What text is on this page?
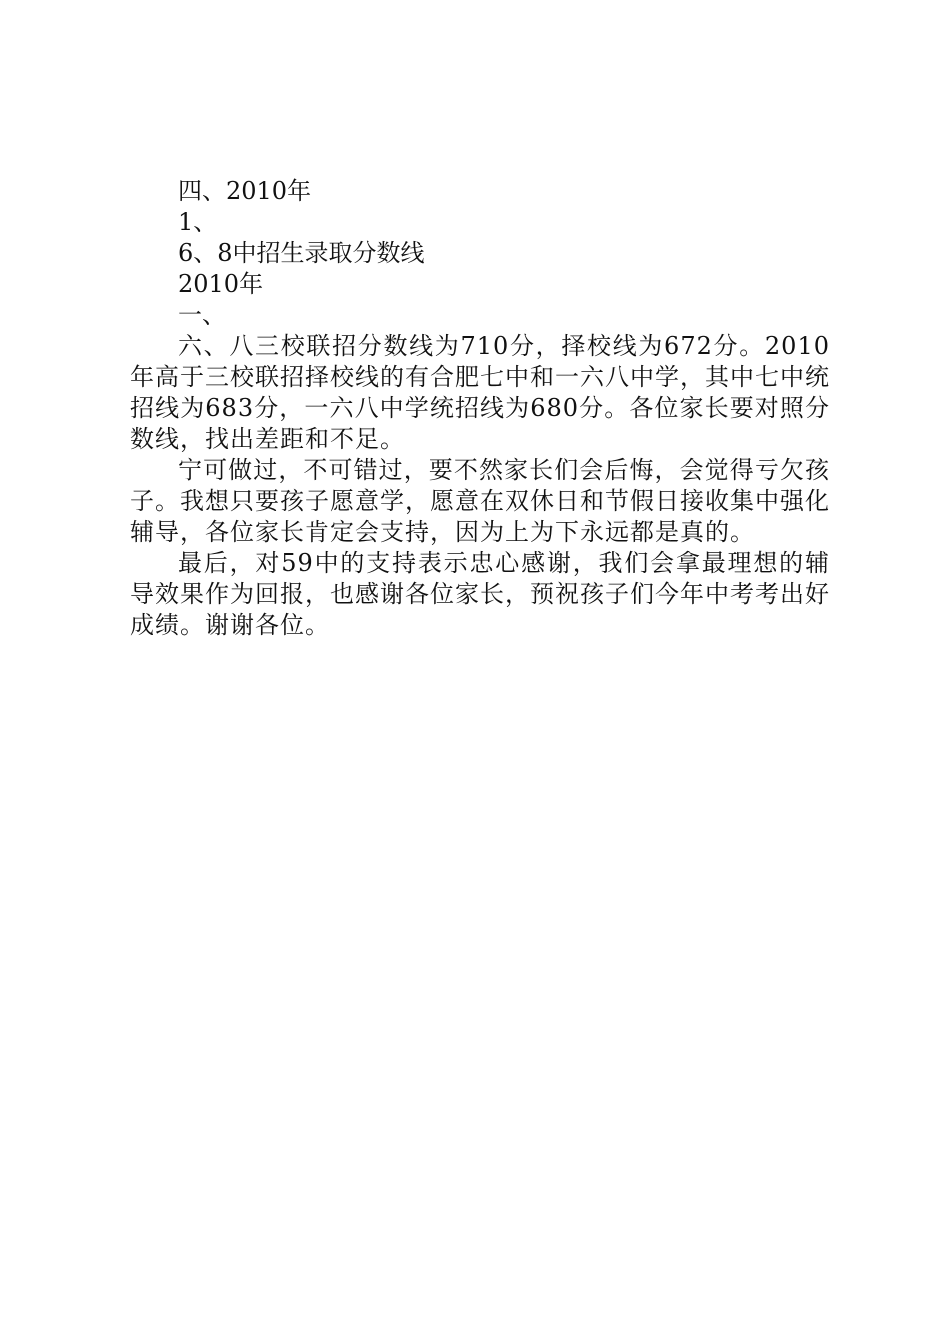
四、2010年

1、

6、8中招生录取分数线

2010年

一、

六、八三校联招分数线为710分，择校线为672分。2010年高于三校联招择校线的有合肥七中和一六八中学，其中七中统招线为683分，一六八中学统招线为680分。各位家长要对照分数线，找出差距和不足。

宁可做过，不可错过，要不然家长们会后悔，会觉得亏欠孩子。我想只要孩子愿意学，愿意在双休日和节假日接收集中强化辅导，各位家长肯定会支持，因为上为下永远都是真的。

最后，对59中的支持表示忠心感谢，我们会拿最理想的辅导效果作为回报，也感谢各位家长，预祝孩子们今年中考考出好成绩。谢谢各位。
